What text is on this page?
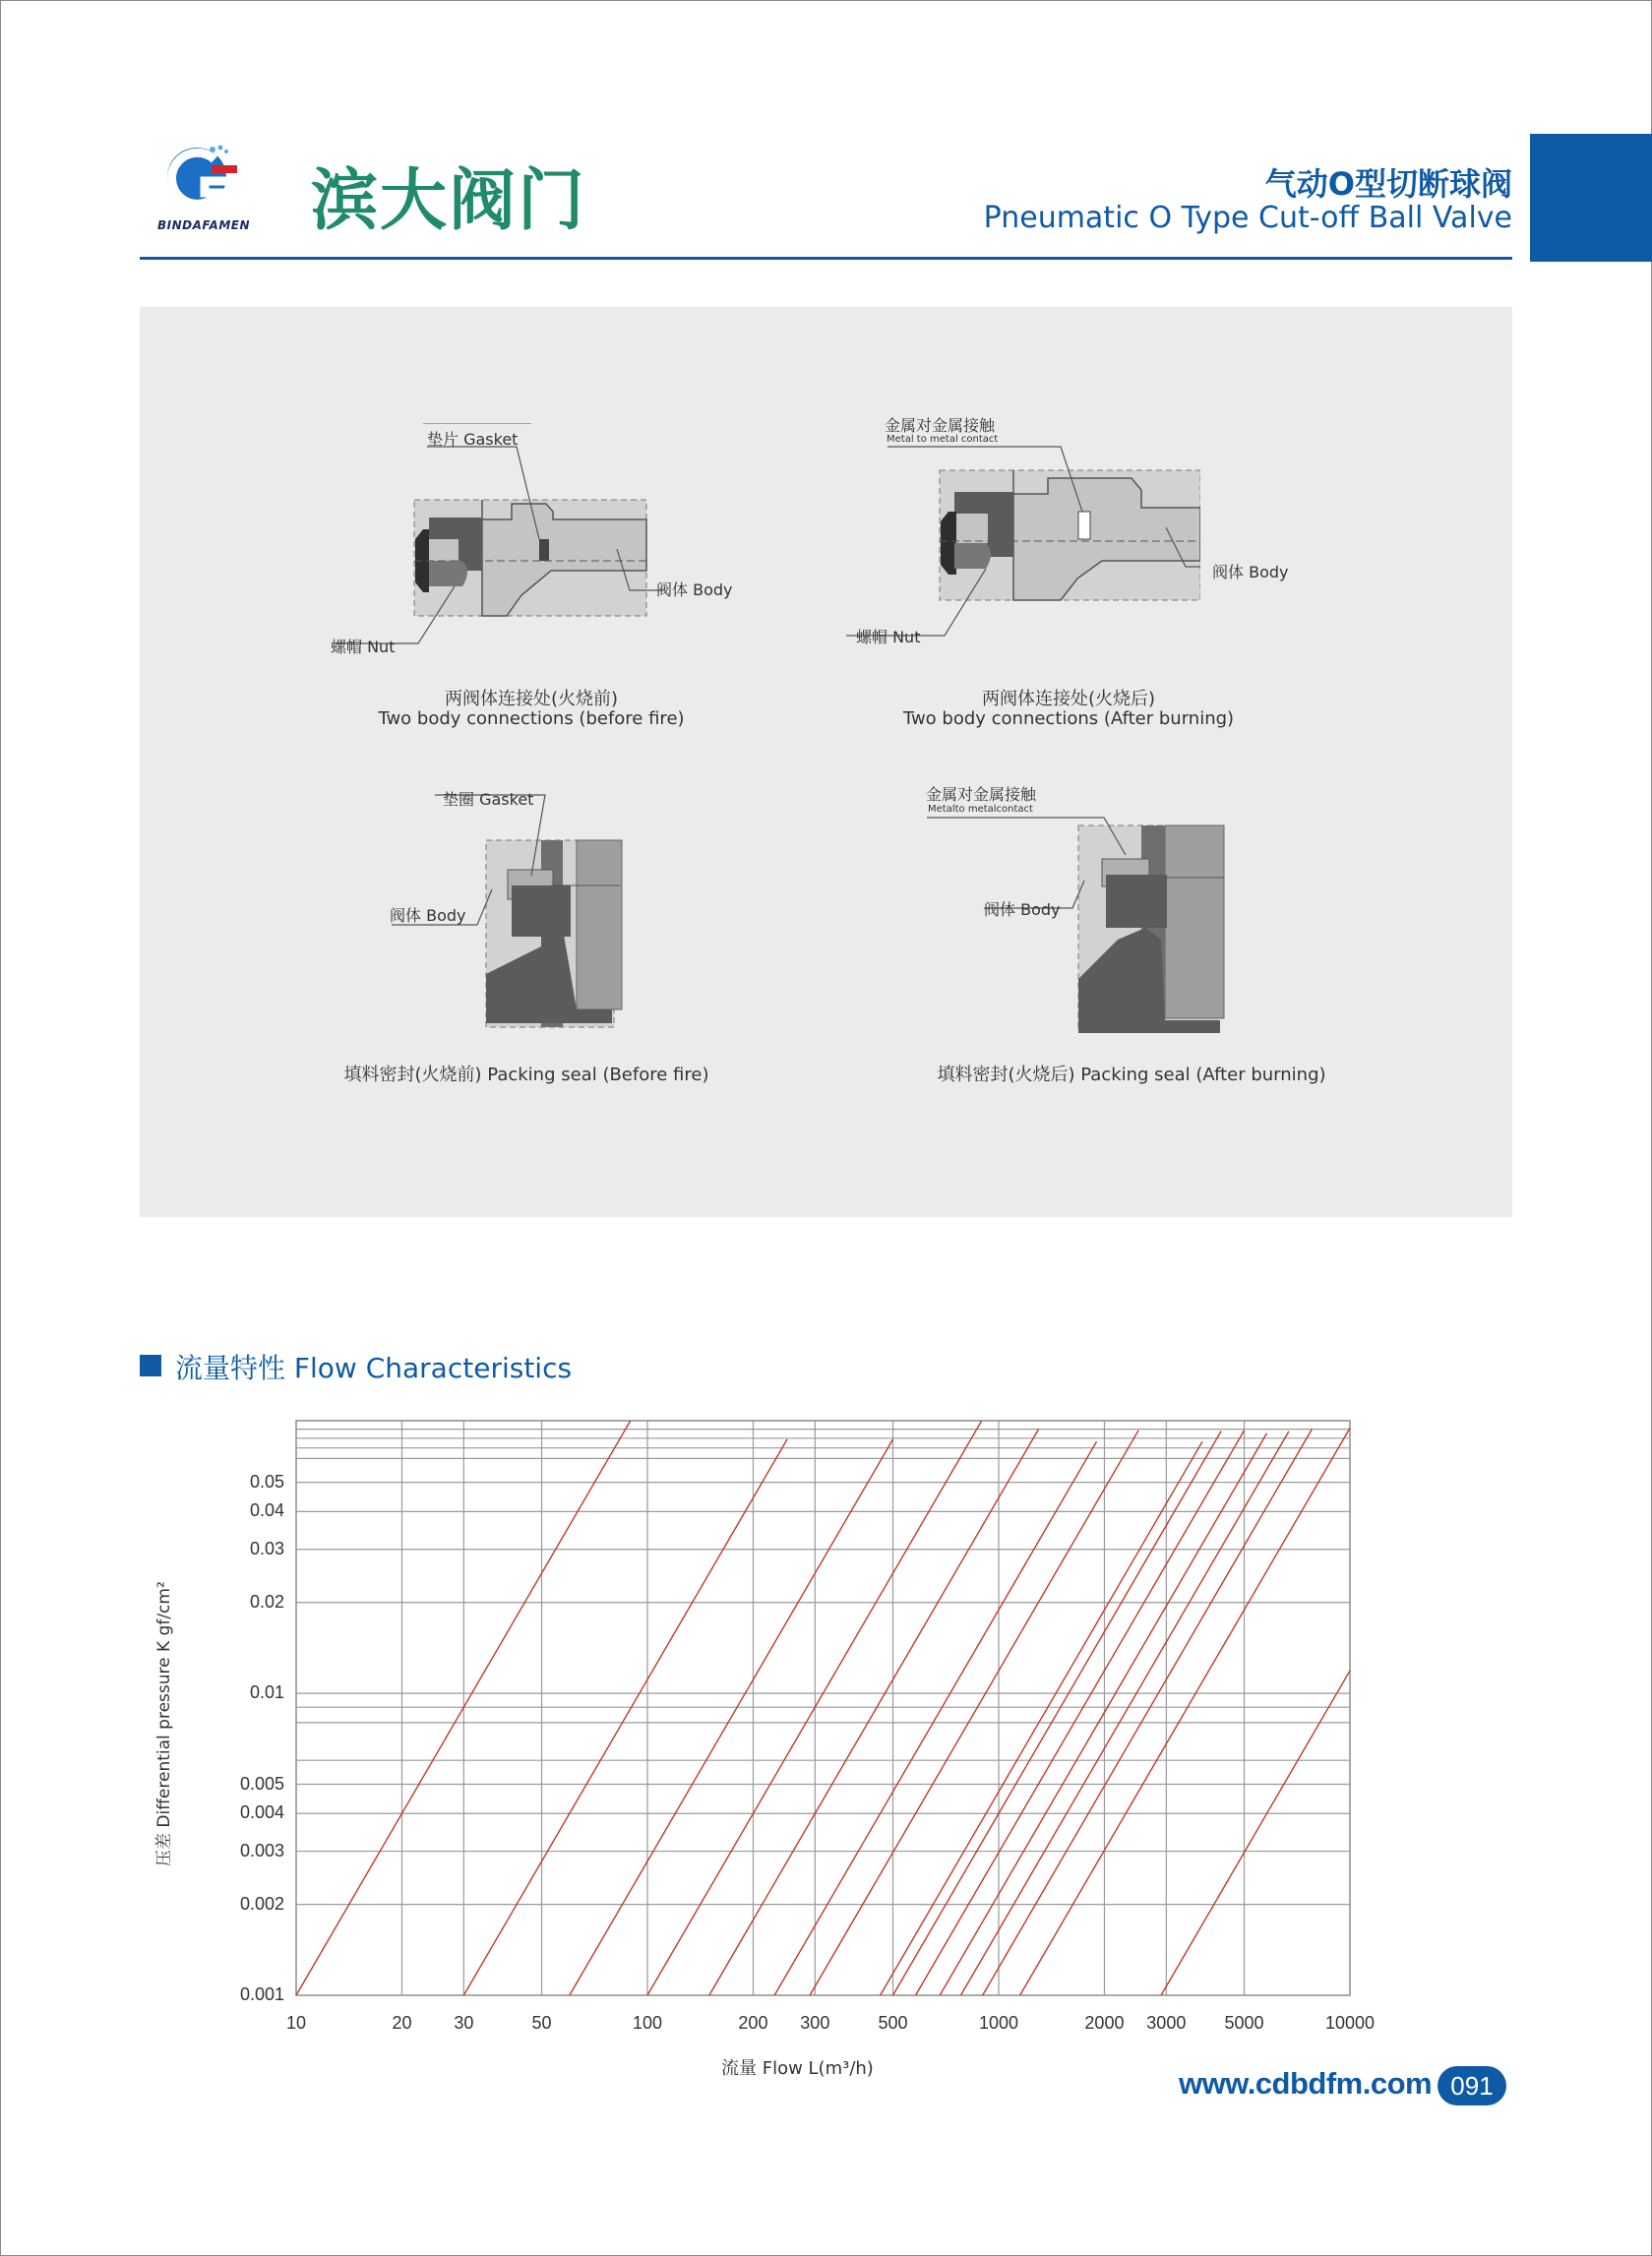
BINDAFAMEN 滨大阀门	气动O型切断球阀
Pneumatic O Type Cut-off Ball Valve
垫片 Gasket
阀体 Body
螺帽 Nut
两阀体连接处(火烧前)
Two body connections (before fire)
金属对金属接触
Metal to metal contact
阀体 Body
螺帽 Nut
两阀体连接处(火烧后)
Two body connections (After burning)
垫圈 Gasket
阀体 Body
填料密封(火烧前) Packing seal (Before fire)
金属对金属接触
Metalto metalcontact
阀体 Body
填料密封(火烧后) Packing seal (After burning)
流量特性 Flow Characteristics
10	20	30	50	100	200	300	500	1000	2000	3000	5000	10000
0.001
0.002
0.003
0.004
0.005
0.01
0.02
0.03
0.04
0.05
压差 Differential pressure K gf/cm²
流量 Flow L(m³/h)	www.cdbdfm.com 091
